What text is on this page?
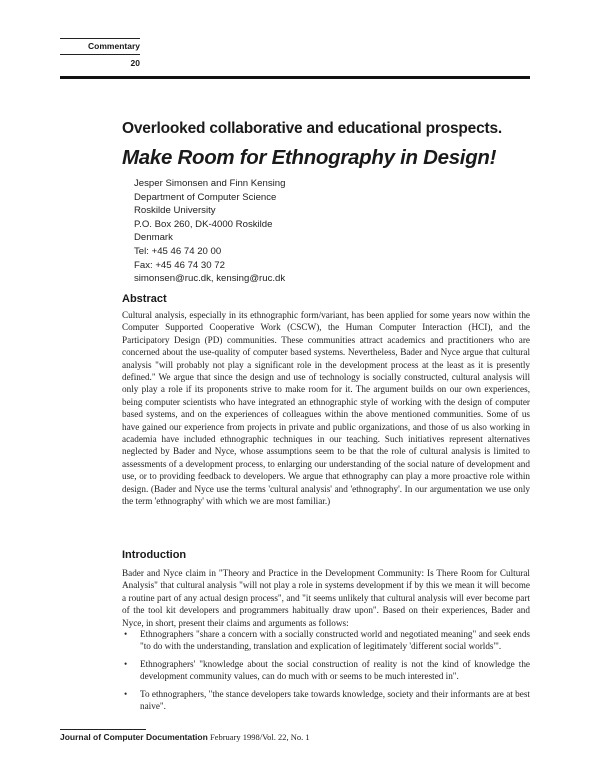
Commentary
20
Overlooked collaborative and educational prospects.
Make Room for Ethnography in Design!
Jesper Simonsen and Finn Kensing
Department of Computer Science
Roskilde University
P.O. Box 260, DK-4000 Roskilde
Denmark
Tel: +45 46 74 20 00
Fax: +45 46 74 30 72
simonsen@ruc.dk, kensing@ruc.dk
Abstract

Cultural analysis, especially in its ethnographic form/variant, has been applied for some years now within the Computer Supported Cooperative Work (CSCW), the Human Computer Interaction (HCI), and the Participatory Design (PD) communities. These communities attract academics and practitioners who are concerned about the use-quality of computer based systems. Nevertheless, Bader and Nyce argue that cultural analysis "will probably not play a significant role in the development process at the least as it is presently defined." We argue that since the design and use of technology is socially constructed, cultural analysis will only play a role if its proponents strive to make room for it. The argument builds on our own experiences, being computer scientists who have integrated an ethnographic style of working with the design of computer based systems, and on the experiences of colleagues within the above mentioned communities. Some of us have gained our experience from projects in private and public organizations, and those of us also working in academia have included ethnographic techniques in our teaching. Such initiatives represent alternatives neglected by Bader and Nyce, whose assumptions seem to be that the role of cultural analysis is limited to assessments of a development process, to enlarging our understanding of the social nature of development and use, or to providing feedback to developers. We argue that ethnography can play a more proactive role within design. (Bader and Nyce use the terms 'cultural analysis' and 'ethnography'. In our argumentation we use only the term 'ethnography' with which we are most familiar.)

Introduction

Bader and Nyce claim in "Theory and Practice in the Development Community: Is There Room for Cultural Analysis" that cultural analysis "will not play a role in systems development if by this we mean it will become a routine part of any actual design process", and "it seems unlikely that cultural analysis will ever become part of the tool kit developers and programmers habitually draw upon". Based on their experiences, Bader and Nyce, in short, present their claims and arguments as follows:

• Ethnographers "share a concern with a socially constructed world and negotiated meaning" and seek ends "to do with the understanding, translation and explication of legitimately 'different social worlds'".
• Ethnographers' "knowledge about the social construction of reality is not the kind of knowledge the development community values, can do much with or seems to be much interested in".
• To ethnographers, "the stance developers take towards knowledge, society and their informants are at best naive".
Journal of Computer Documentation February 1998/Vol. 22, No. 1
